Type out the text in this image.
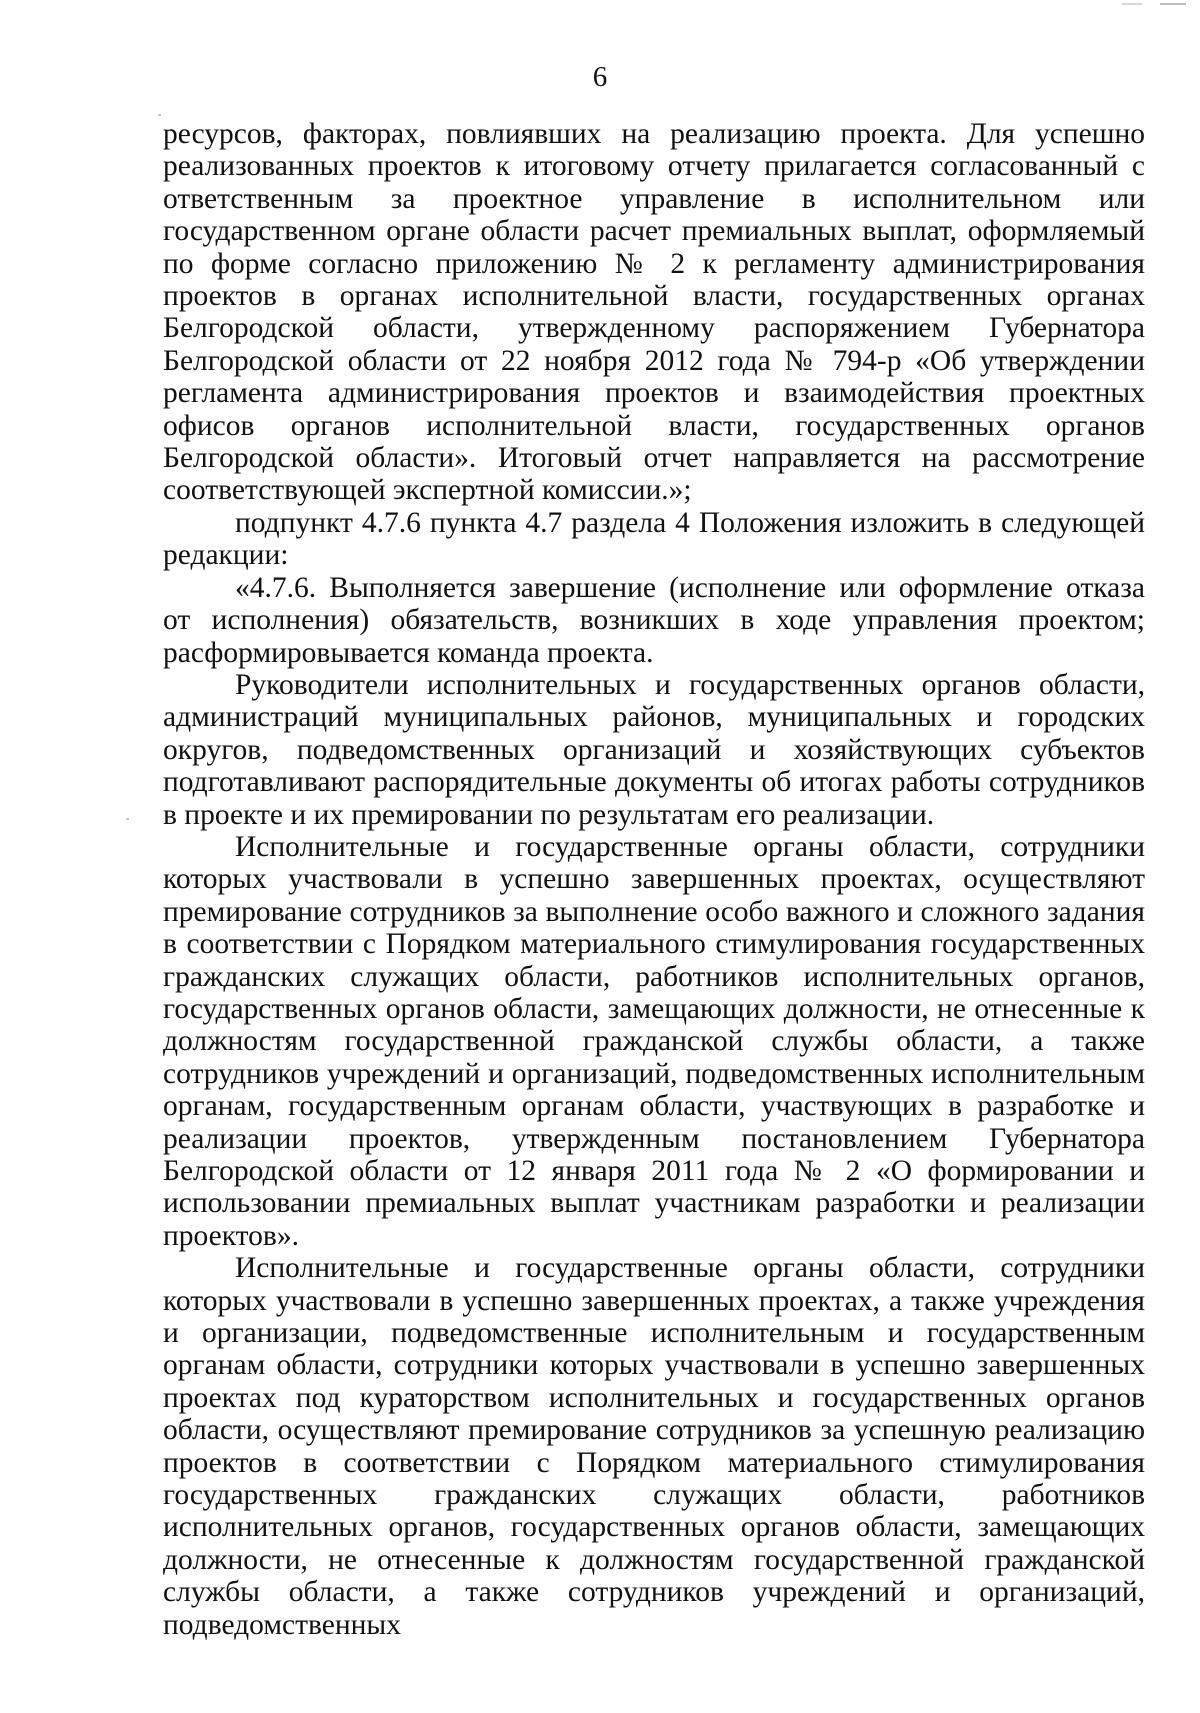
6

ресурсов, факторах, повлиявших на реализацию проекта. Для успешно реализованных проектов к итоговому отчету прилагается согласованный с ответственным за проектное управление в исполнительном или государственном органе области расчет премиальных выплат, оформляемый по форме согласно приложению № 2 к регламенту администрирования проектов в органах исполнительной власти, государственных органах Белгородской области, утвержденному распоряжением Губернатора Белгородской области от 22 ноября 2012 года № 794-р «Об утверждении регламента администрирования проектов и взаимодействия проектных офисов органов исполнительной власти, государственных органов Белгородской области». Итоговый отчет направляется на рассмотрение соответствующей экспертной комиссии.»;

подпункт 4.7.6 пункта 4.7 раздела 4 Положения изложить в следующей редакции:

«4.7.6. Выполняется завершение (исполнение или оформление отказа от исполнения) обязательств, возникших в ходе управления проектом; расформировывается команда проекта.

Руководители исполнительных и государственных органов области, администраций муниципальных районов, муниципальных и городских округов, подведомственных организаций и хозяйствующих субъектов подготавливают распорядительные документы об итогах работы сотрудников в проекте и их премировании по результатам его реализации.

Исполнительные и государственные органы области, сотрудники которых участвовали в успешно завершенных проектах, осуществляют премирование сотрудников за выполнение особо важного и сложного задания в соответствии с Порядком материального стимулирования государственных гражданских служащих области, работников исполнительных органов, государственных органов области, замещающих должности, не отнесенные к должностям государственной гражданской службы области, а также сотрудников учреждений и организаций, подведомственных исполнительным органам, государственным органам области, участвующих в разработке и реализации проектов, утвержденным постановлением Губернатора Белгородской области от 12 января 2011 года № 2 «О формировании и использовании премиальных выплат участникам разработки и реализации проектов».

Исполнительные и государственные органы области, сотрудники которых участвовали в успешно завершенных проектах, а также учреждения и организации, подведомственные исполнительным и государственным органам области, сотрудники которых участвовали в успешно завершенных проектах под кураторством исполнительных и государственных органов области, осуществляют премирование сотрудников за успешную реализацию проектов в соответствии с Порядком материального стимулирования государственных гражданских служащих области, работников исполнительных органов, государственных органов области, замещающих должности, не отнесенные к должностям государственной гражданской службы области, а также сотрудников учреждений и организаций, подведомственных
